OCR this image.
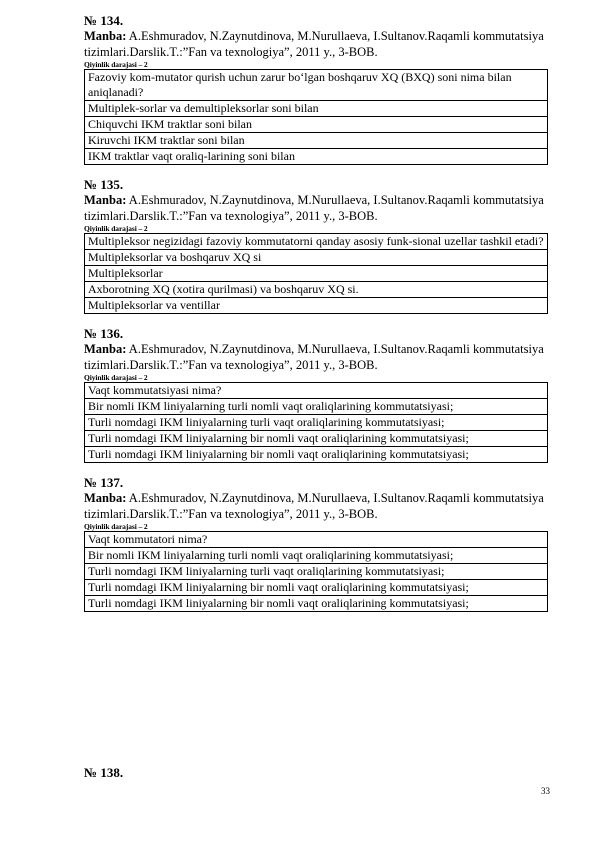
№ 134.
Manba: A.Eshmuradov, N.Zaynutdinova, M.Nurullaeva, I.Sultanov.Raqamli kommutatsiya tizimlari.Darslik.T.:”Fan va texnologiya”, 2011 y., 3-BOB.
Qiyinlik darajasi – 2
Fazoviy kom-mutator qurish uchun zarur bo‘lgan boshqaruv XQ (BXQ) soni nima bilan aniqlanadi?
Multiplek-sorlar va demultipleksorlar soni bilan
Chiquvchi IKM traktlar soni bilan
Kiruvchi IKM traktlar soni bilan
IKM traktlar vaqt oraliq-larining soni bilan
№ 135.
Manba: A.Eshmuradov, N.Zaynutdinova, M.Nurullaeva, I.Sultanov.Raqamli kommutatsiya tizimlari.Darslik.T.:”Fan va texnologiya”, 2011 y., 3-BOB.
Qiyinlik darajasi – 2
Multipleksor negizidagi fazoviy kommutatorni qanday asosiy funk-sional uzellar tashkil etadi?
Multipleksorlar va boshqaruv XQ si
Multipleksorlar
Axborotning XQ (xotira qurilmasi) va boshqaruv XQ si.
Multipleksorlar va ventillar
№ 136.
Manba: A.Eshmuradov, N.Zaynutdinova, M.Nurullaeva, I.Sultanov.Raqamli kommutatsiya tizimlari.Darslik.T.:”Fan va texnologiya”, 2011 y., 3-BOB.
Qiyinlik darajasi – 2
Vaqt kommutatsiyasi nima?
Bir nomli IKM liniyalarning turli nomli vaqt oraliqlarining kommutatsiyasi;
Turli nomdagi IKM liniyalarning turli vaqt oraliqlarining kommutatsiyasi;
Turli nomdagi IKM liniyalarning bir nomli vaqt oraliqlarining kommutatsiyasi;
Turli nomdagi IKM liniyalarning bir nomli vaqt oraliqlarining kommutatsiyasi;
№ 137.
Manba: A.Eshmuradov, N.Zaynutdinova, M.Nurullaeva, I.Sultanov.Raqamli kommutatsiya tizimlari.Darslik.T.:”Fan va texnologiya”, 2011 y., 3-BOB.
Qiyinlik darajasi – 2
Vaqt kommutatori nima?
Bir nomli IKM liniyalarning turli nomli vaqt oraliqlarining kommutatsiyasi;
Turli nomdagi IKM liniyalarning turli vaqt oraliqlarining kommutatsiyasi;
Turli nomdagi IKM liniyalarning bir nomli vaqt oraliqlarining kommutatsiyasi;
Turli nomdagi IKM liniyalarning bir nomli vaqt oraliqlarining kommutatsiyasi;
№ 138.
33
